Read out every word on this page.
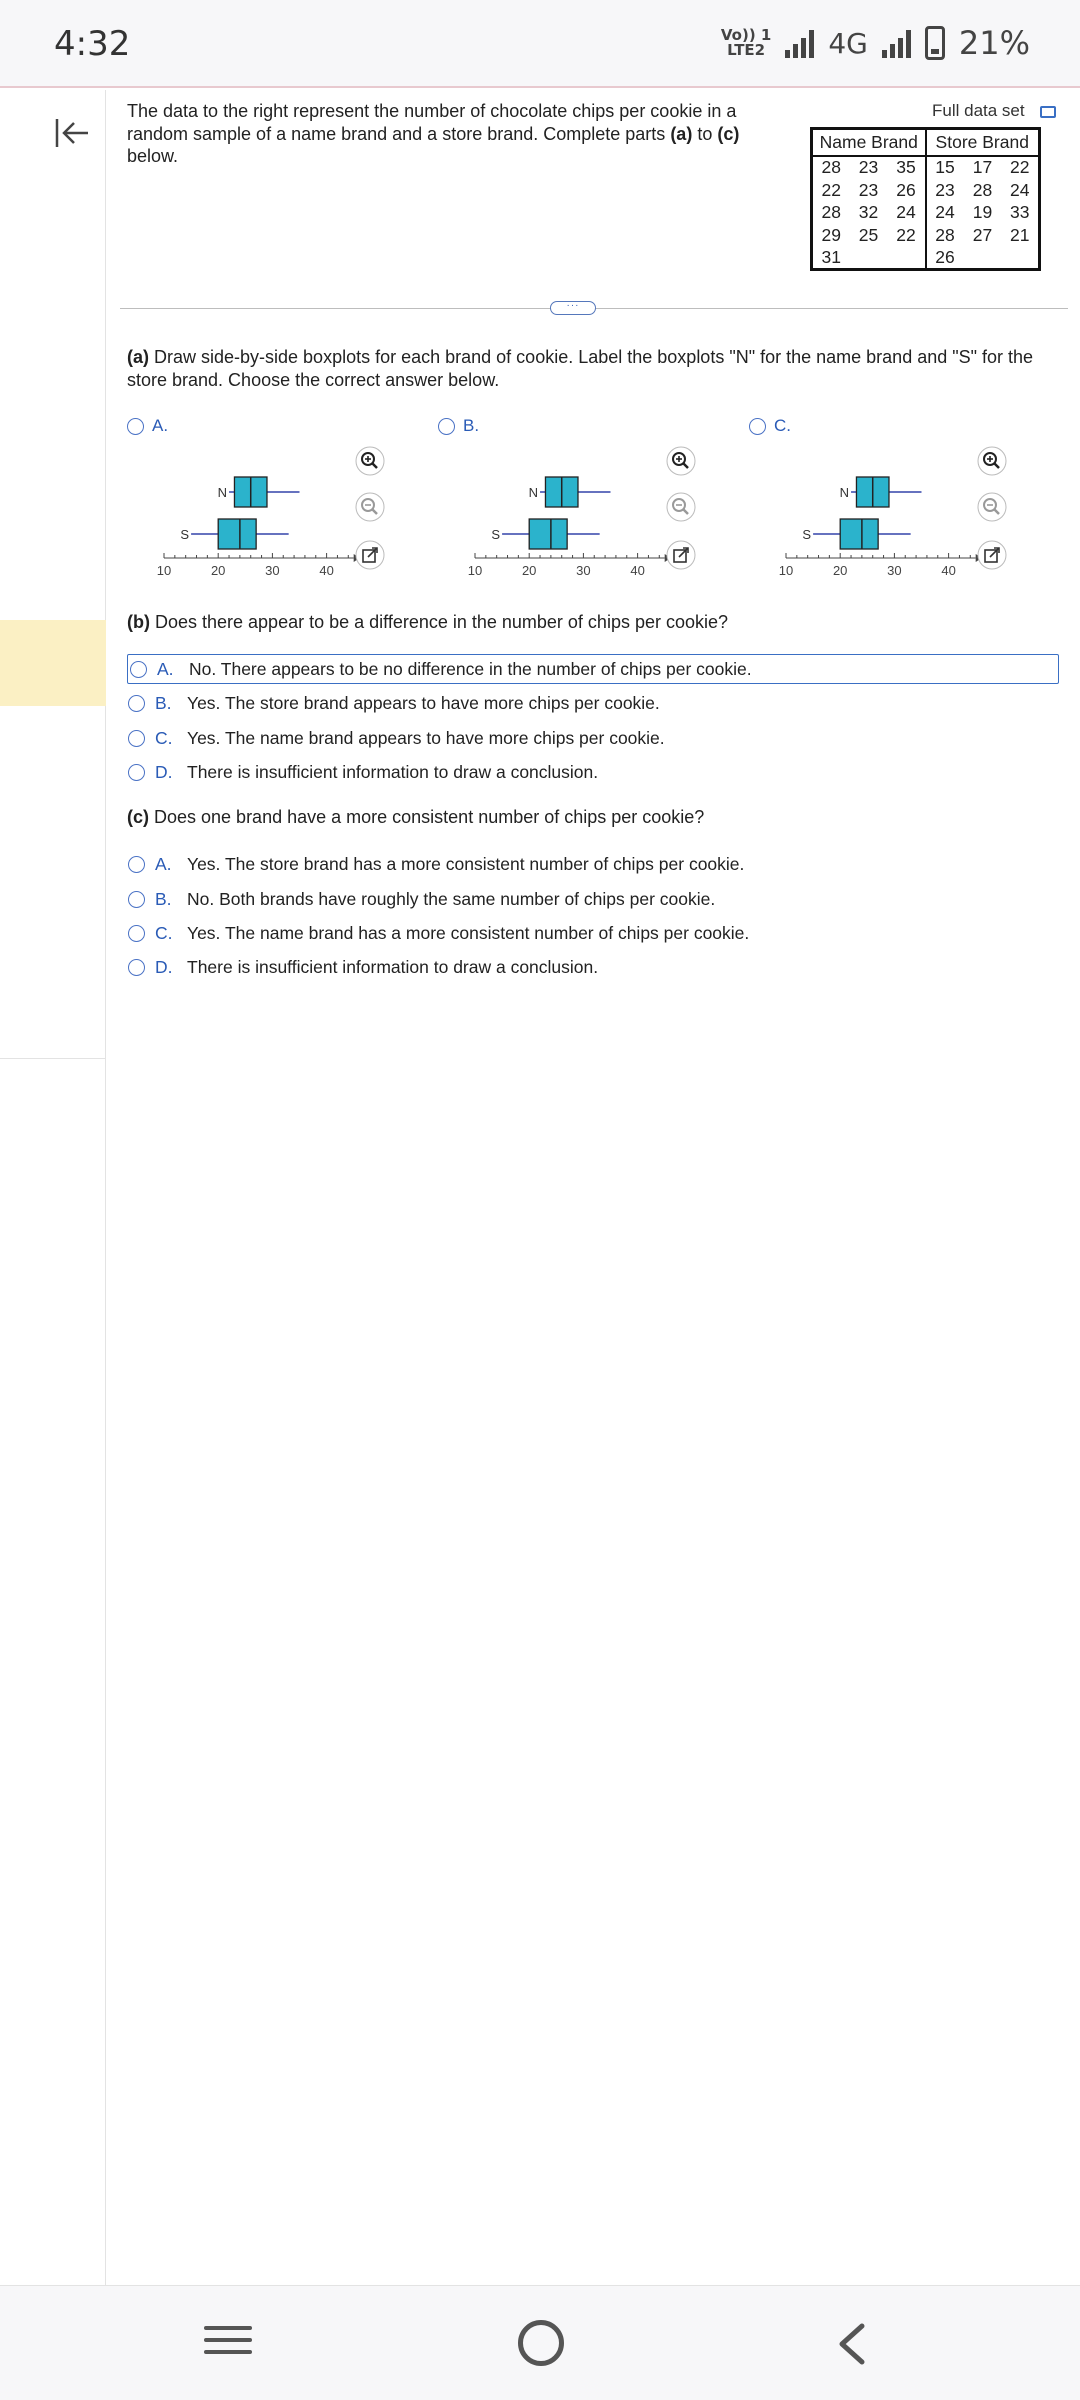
4:32	Vo)) 1
LTE2 4G	21%
The data to the right represent the number of chocolate chips per cookie in a random sample of a name brand and a store brand. Complete parts (a) to (c) below.
Full data set
Name Brand			Store Brand		
28	23	35	15	17	22
22	23	26	23	28	24
28	32	24	24	19	33
29	25	22	28	27	21
31			26		
···
(a) Draw side-by-side boxplots for each brand of cookie. Label the boxplots "N" for the name brand and "S" for the store brand. Choose the correct answer below.
A.
10	20	30	40
N
S
B.
10	20	30	40
N
S
C.
10	20	30	40
N
S
(b) Does there appear to be a difference in the number of chips per cookie?
A. No. There appears to be no difference in the number of chips per cookie.
B. Yes. The store brand appears to have more chips per cookie.
C. Yes. The name brand appears to have more chips per cookie.
D. There is insufficient information to draw a conclusion.
(c) Does one brand have a more consistent number of chips per cookie?
A. Yes. The store brand has a more consistent number of chips per cookie.
B. No. Both brands have roughly the same number of chips per cookie.
C. Yes. The name brand has a more consistent number of chips per cookie.
D. There is insufficient information to draw a conclusion.
